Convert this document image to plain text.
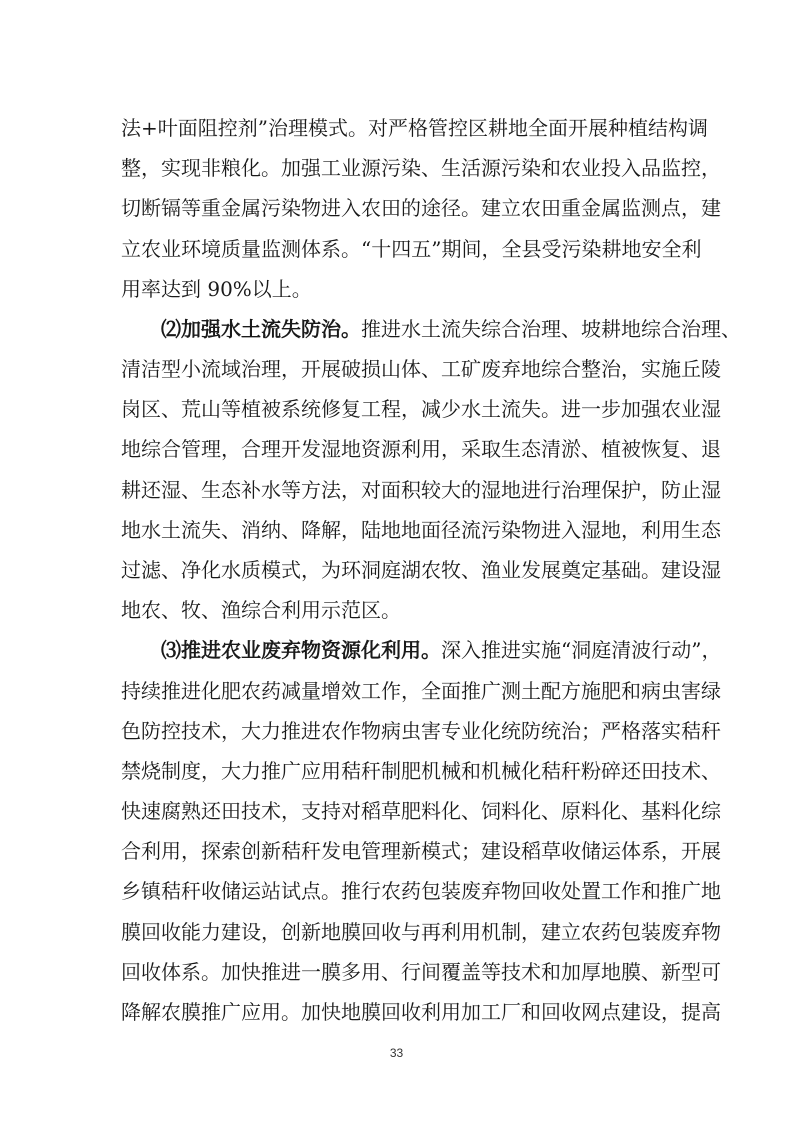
法+叶面阻控剂”治理模式。对严格管控区耕地全面开展种植结构调
整，实现非粮化。加强工业源污染、生活源污染和农业投入品监控，
切断镉等重金属污染物进入农田的途径。建立农田重金属监测点，建
立农业环境质量监测体系。“十四五”期间，全县受污染耕地安全利
用率达到 90%以上。
⑵加强水土流失防治。推进水土流失综合治理、坡耕地综合治理、
清洁型小流域治理，开展破损山体、工矿废弃地综合整治，实施丘陵
岗区、荒山等植被系统修复工程，减少水土流失。进一步加强农业湿
地综合管理，合理开发湿地资源利用，采取生态清淤、植被恢复、退
耕还湿、生态补水等方法，对面积较大的湿地进行治理保护，防止湿
地水土流失、消纳、降解，陆地地面径流污染物进入湿地，利用生态
过滤、净化水质模式，为环洞庭湖农牧、渔业发展奠定基础。建设湿
地农、牧、渔综合利用示范区。
⑶推进农业废弃物资源化利用。深入推进实施“洞庭清波行动”，
持续推进化肥农药减量增效工作，全面推广测土配方施肥和病虫害绿
色防控技术，大力推进农作物病虫害专业化统防统治；严格落实秸秆
禁烧制度，大力推广应用秸秆制肥机械和机械化秸秆粉碎还田技术、
快速腐熟还田技术，支持对稻草肥料化、饲料化、原料化、基料化综
合利用，探索创新秸秆发电管理新模式；建设稻草收储运体系，开展
乡镇秸秆收储运站试点。推行农药包装废弃物回收处置工作和推广地
膜回收能力建设，创新地膜回收与再利用机制，建立农药包装废弃物
33
回收体系。加快推进一膜多用、行间覆盖等技术和加厚地膜、新型可
降解农膜推广应用。加快地膜回收利用加工厂和回收网点建设，提高
